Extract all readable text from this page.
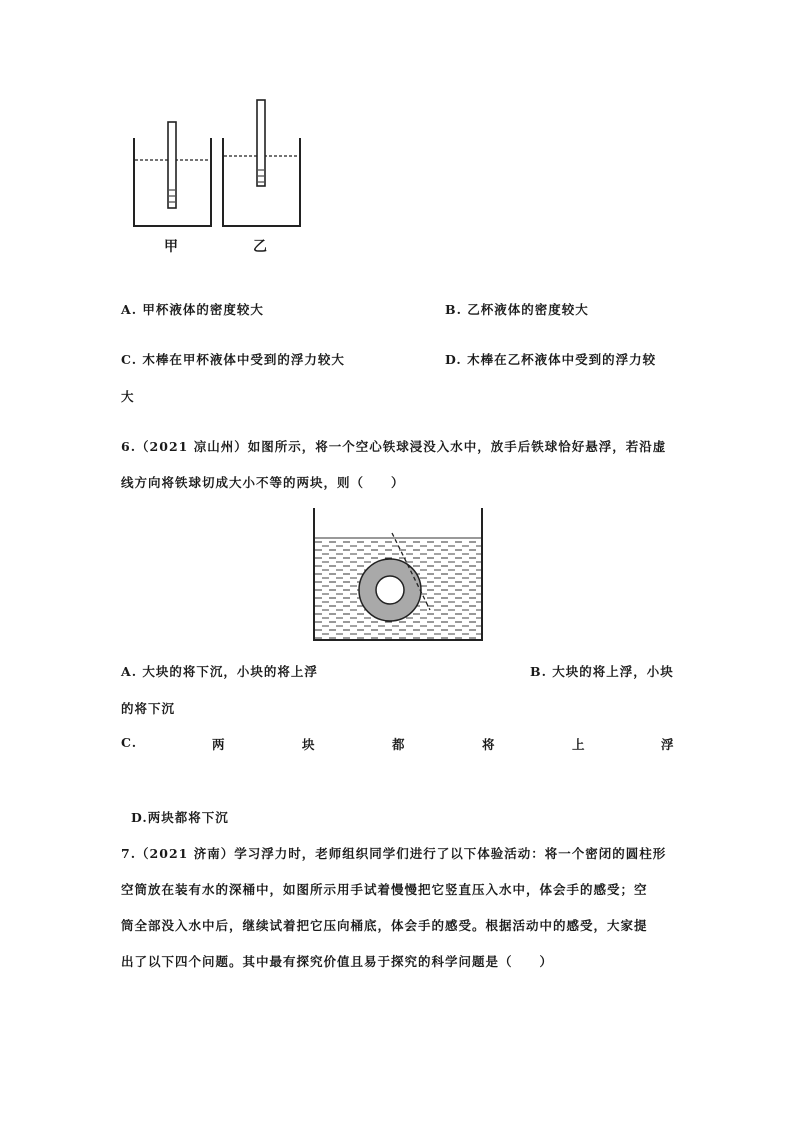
甲	乙
A. 甲杯液体的密度较大	B. 乙杯液体的密度较大
C. 木棒在甲杯液体中受到的浮力较大	D. 木棒在乙杯液体中受到的浮力较
大
6.（2021 凉山州）如图所示，将一个空心铁球浸没入水中，放手后铁球恰好悬浮，若沿虚
线方向将铁球切成大小不等的两块，则（　　）
A. 大块的将下沉，小块的将上浮	B. 大块的将上浮，小块
的将下沉
C.	两	块	都	将	上	浮
D.两块都将下沉
7.（2021 济南）学习浮力时，老师组织同学们进行了以下体验活动：将一个密闭的圆柱形
空筒放在装有水的深桶中，如图所示用手试着慢慢把它竖直压入水中，体会手的感受；空
筒全部没入水中后，继续试着把它压向桶底，体会手的感受。根据活动中的感受，大家提
出了以下四个问题。其中最有探究价值且易于探究的科学问题是（　　）
